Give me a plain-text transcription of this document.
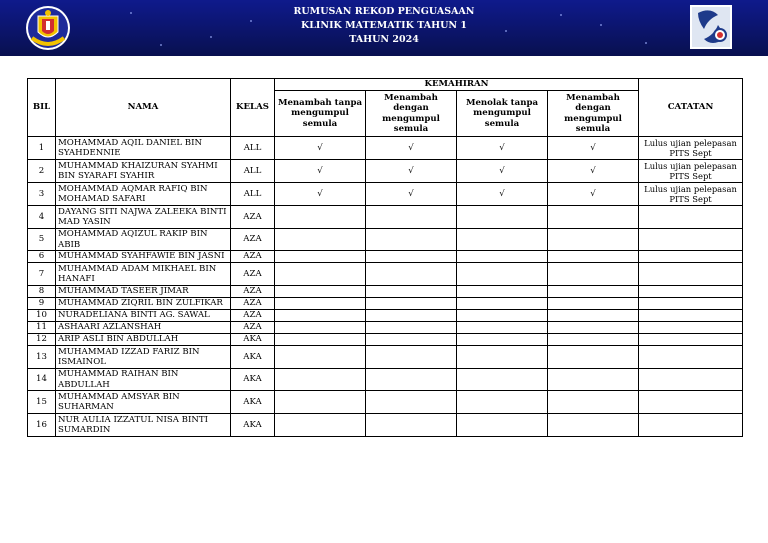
RUMUSAN REKOD PENGUASAAN
KLINIK MATEMATIK TAHUN 1
TAHUN 2024
BIL	NAMA	KELAS	KEMAHIRAN				CATATAN
			Menambah tanpa mengumpul semula	Menambah dengan mengumpul semula	Menolak tanpa mengumpul semula	Menambah dengan mengumpul semula	
1	MOHAMMAD AQIL DANIEL BIN SYAHDENNIE	ALL	√	√	√	√	Lulus ujian pelepasan PITS Sept
2	MUHAMMAD KHAIZURAN SYAHMI BIN SYARAFI SYAHIR	ALL	√	√	√	√	Lulus ujian pelepasan PITS Sept
3	MOHAMMAD AQMAR RAFIQ BIN MOHAMAD SAFARI	ALL	√	√	√	√	Lulus ujian pelepasan PITS Sept
4	DAYANG SITI NAJWA ZALEEKA BINTI MAD YASIN	AZA					
5	MOHAMMAD AQIZUL RAKIP BIN ABIB	AZA					
6	MUHAMMAD SYAHFAWIE BIN JASNI	AZA					
7	MUHAMMAD ADAM MIKHAEL BIN HANAFI	AZA					
8	MUHAMMAD TASEER JIMAR	AZA					
9	MUHAMMAD ZIQRIL BIN ZULFIKAR	AZA					
10	NURADELIANA BINTI AG. SAWAL	AZA					
11	ASHAARI AZLANSHAH	AZA					
12	ARIP ASLI BIN ABDULLAH	AKA					
13	MUHAMMAD IZZAD FARIZ BIN ISMAINOL	AKA					
14	MUHAMMAD RAIHAN BIN ABDULLAH	AKA					
15	MUHAMMAD AMSYAR BIN SUHARMAN	AKA					
16	NUR AULIA IZZATUL NISA BINTI SUMARDIN	AKA					
